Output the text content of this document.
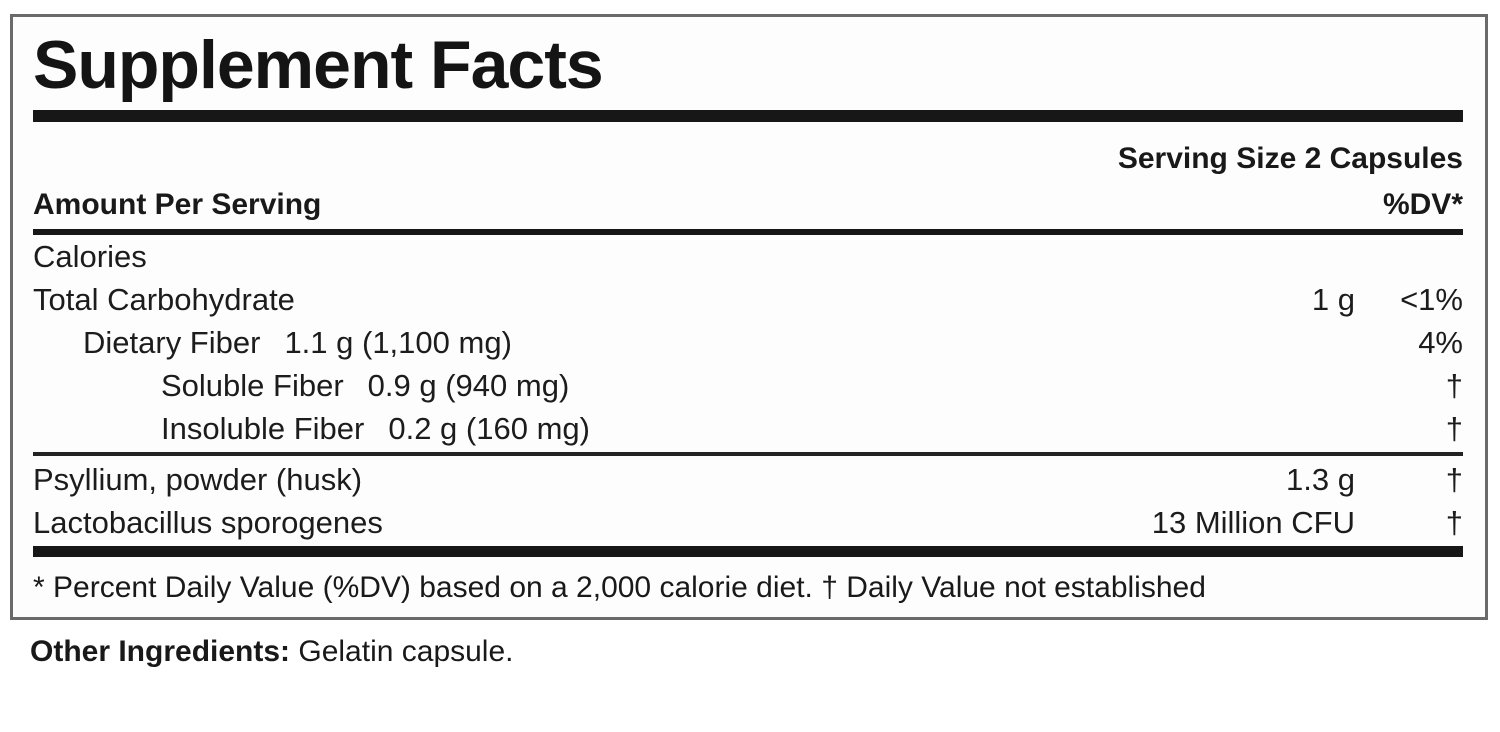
Supplement Facts
Serving Size 2 Capsules
Amount Per Serving	%DV*
Calories
Total Carbohydrate	1 g	<1%
Dietary Fiber 1.1 g (1,100 mg)	4%
Soluble Fiber 0.9 g (940 mg)	†
Insoluble Fiber 0.2 g (160 mg)	†
Psyllium, powder (husk)	1.3 g	†
Lactobacillus sporogenes	13 Million CFU	†
* Percent Daily Value (%DV) based on a 2,000 calorie diet. † Daily Value not established
Other Ingredients: Gelatin capsule.
